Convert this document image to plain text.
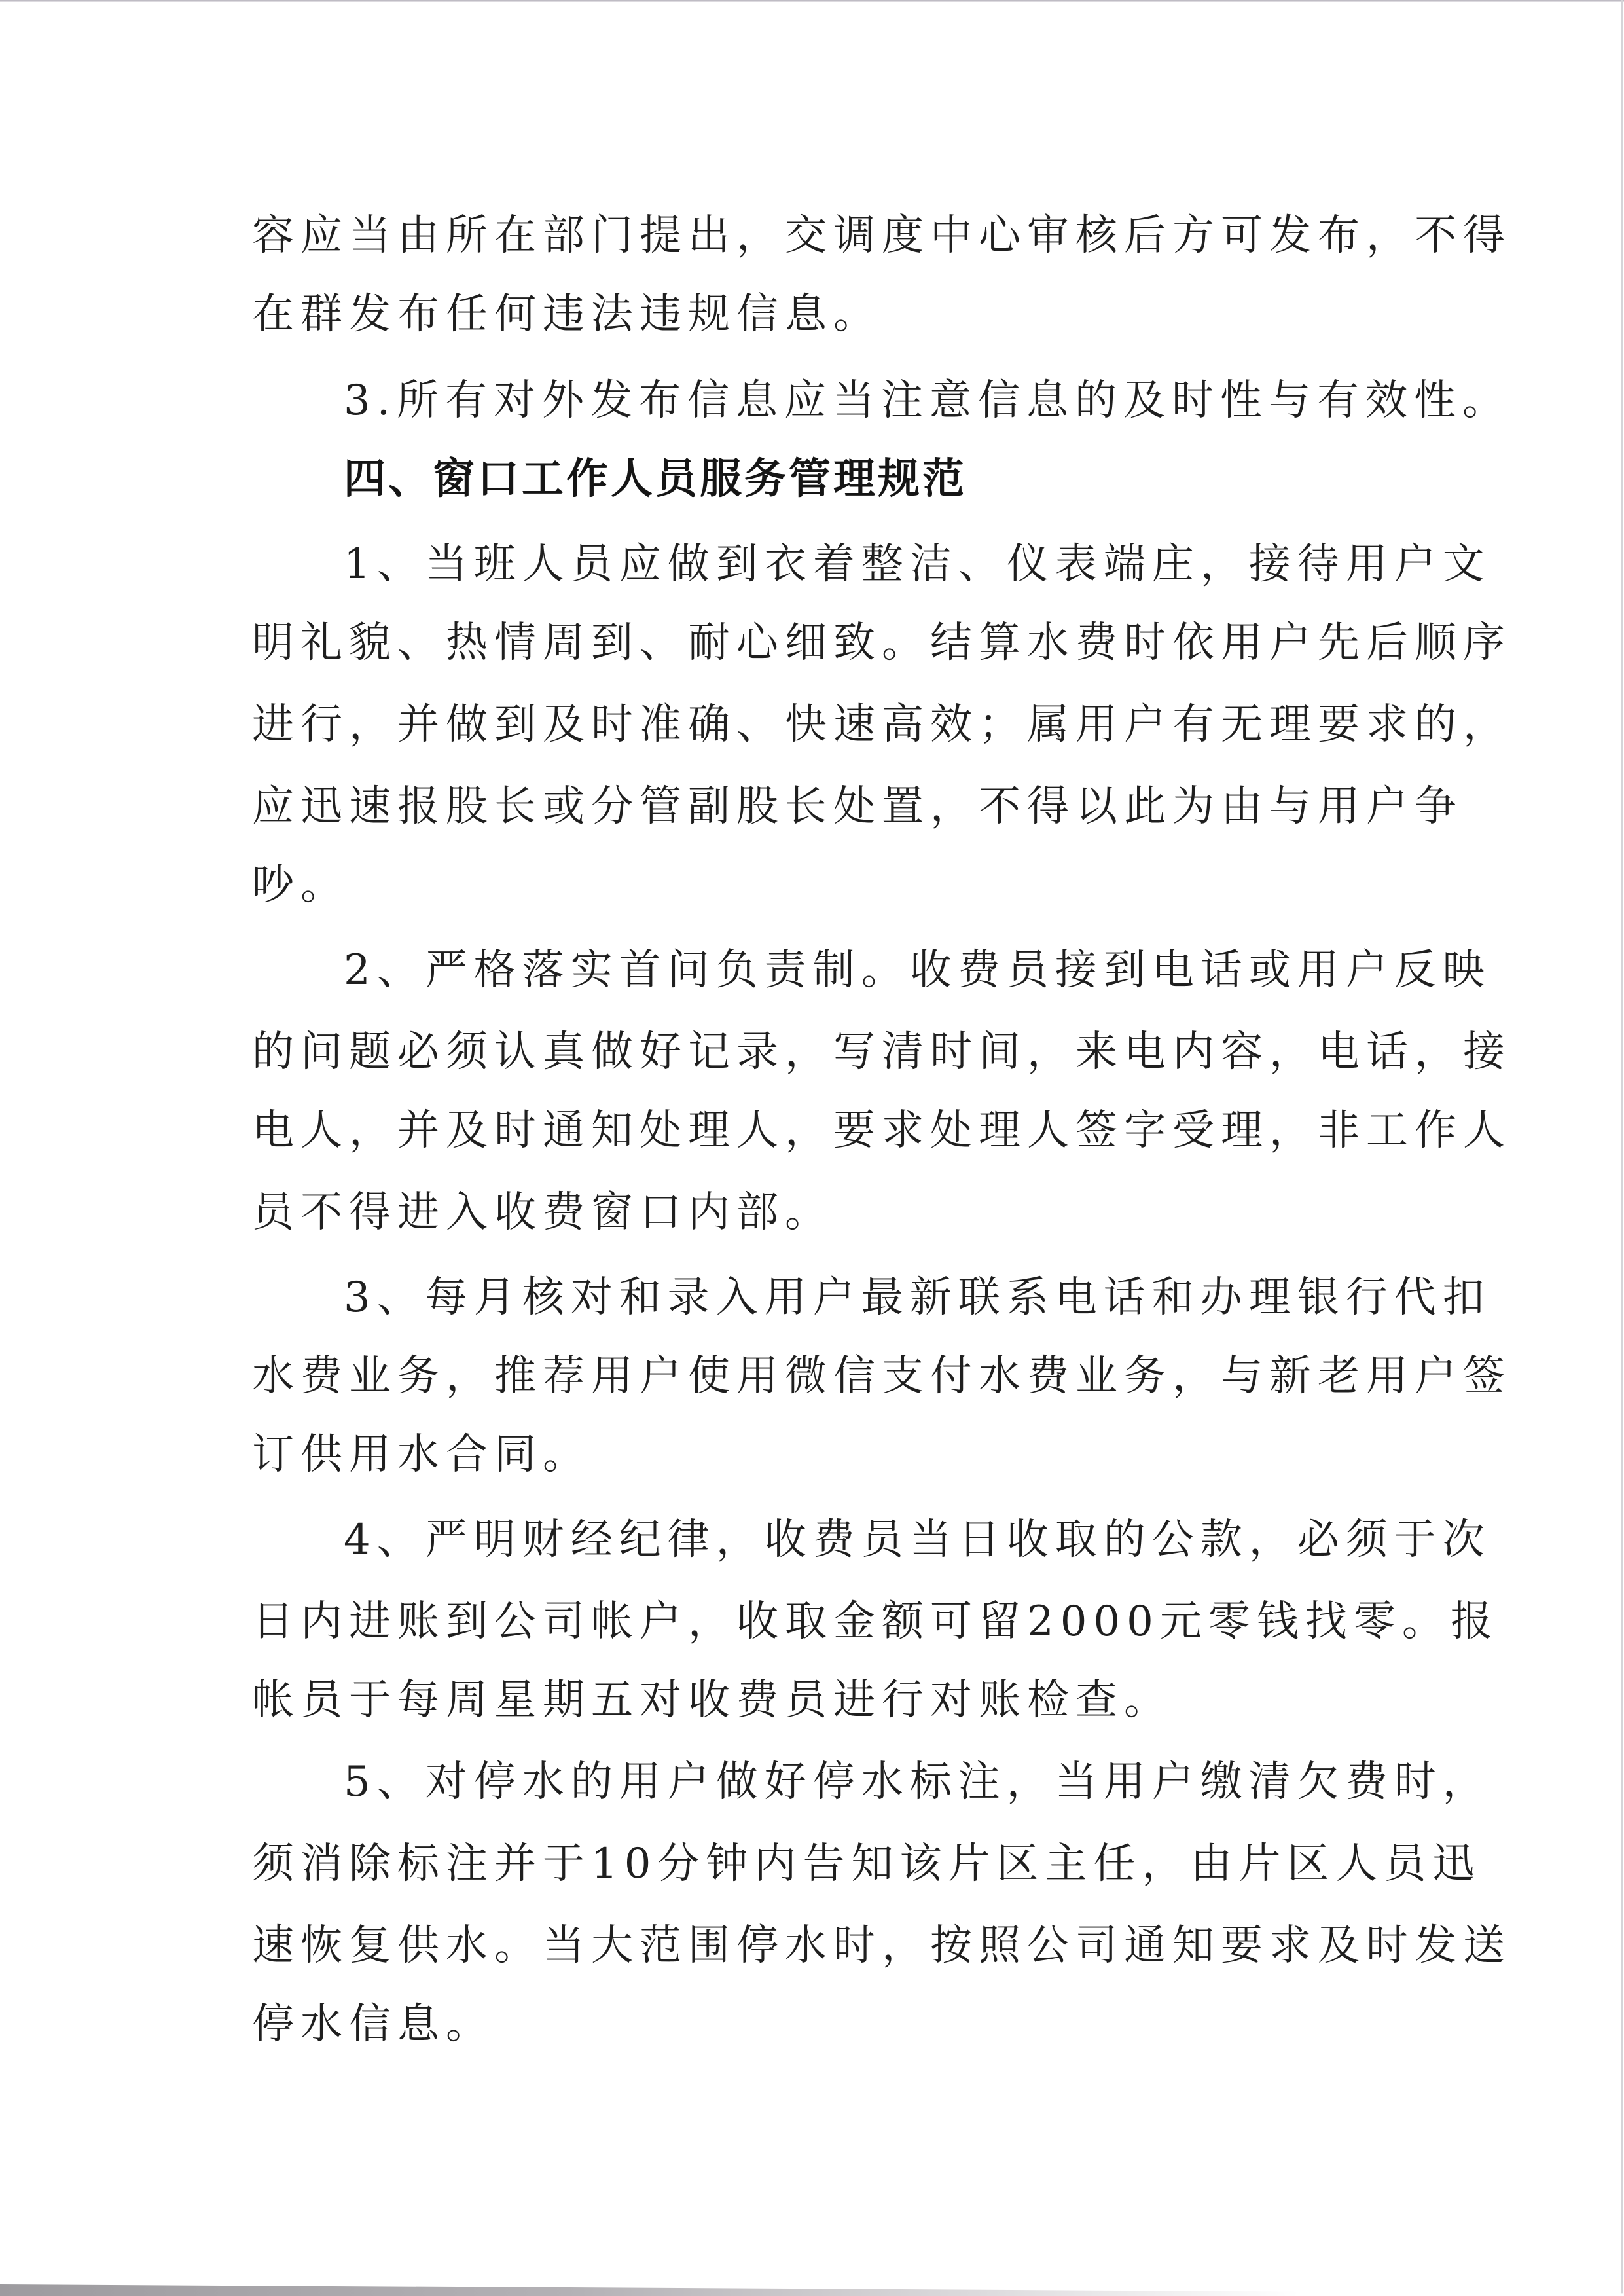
容应当由所在部门提出，交调度中心审核后方可发布，不得
在群发布任何违法违规信息。
3.所有对外发布信息应当注意信息的及时性与有效性。
四、窗口工作人员服务管理规范
1、当班人员应做到衣着整洁、仪表端庄，接待用户文
明礼貌、热情周到、耐心细致。结算水费时依用户先后顺序
进行，并做到及时准确、快速高效；属用户有无理要求的，
应迅速报股长或分管副股长处置，不得以此为由与用户争
吵。
2、严格落实首问负责制。收费员接到电话或用户反映
的问题必须认真做好记录，写清时间，来电内容，电话，接
电人，并及时通知处理人，要求处理人签字受理，非工作人
员不得进入收费窗口内部。
3、每月核对和录入用户最新联系电话和办理银行代扣
水费业务，推荐用户使用微信支付水费业务，与新老用户签
订供用水合同。
4、严明财经纪律，收费员当日收取的公款，必须于次
日内进账到公司帐户，收取金额可留2000元零钱找零。报
帐员于每周星期五对收费员进行对账检查。
5、对停水的用户做好停水标注，当用户缴清欠费时，
须消除标注并于10分钟内告知该片区主任，由片区人员迅
速恢复供水。当大范围停水时，按照公司通知要求及时发送
停水信息。
